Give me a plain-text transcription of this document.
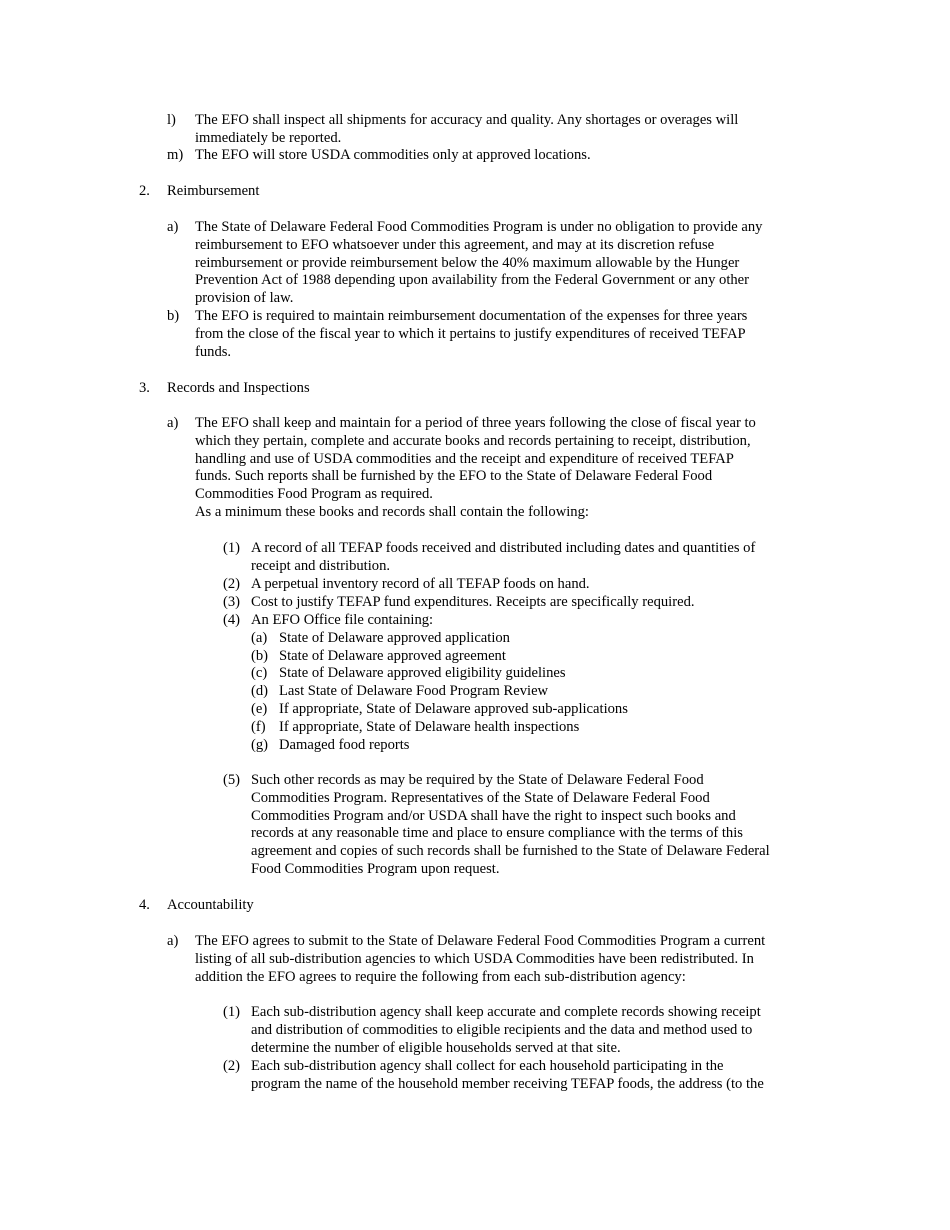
l) The EFO shall inspect all shipments for accuracy and quality. Any shortages or overages will
immediately be reported.
m) The EFO will store USDA commodities only at approved locations.
2. Reimbursement
a) The State of Delaware Federal Food Commodities Program is under no obligation to provide any
reimbursement to EFO whatsoever under this agreement, and may at its discretion refuse
reimbursement or provide reimbursement below the 40% maximum allowable by the Hunger
Prevention Act of 1988 depending upon availability from the Federal Government or any other
provision of law.
b) The EFO is required to maintain reimbursement documentation of the expenses for three years
from the close of the fiscal year to which it pertains to justify expenditures of received TEFAP
funds.
3. Records and Inspections
a) The EFO shall keep and maintain for a period of three years following the close of fiscal year to
which they pertain, complete and accurate books and records pertaining to receipt, distribution,
handling and use of USDA commodities and the receipt and expenditure of received TEFAP
funds. Such reports shall be furnished by the EFO to the State of Delaware Federal Food
Commodities Food Program as required.
As a minimum these books and records shall contain the following:
(1) A record of all TEFAP foods received and distributed including dates and quantities of
receipt and distribution.
(2) A perpetual inventory record of all TEFAP foods on hand.
(3) Cost to justify TEFAP fund expenditures. Receipts are specifically required.
(4) An EFO Office file containing:
(a) State of Delaware approved application
(b) State of Delaware approved agreement
(c) State of Delaware approved eligibility guidelines
(d) Last State of Delaware Food Program Review
(e) If appropriate, State of Delaware approved sub-applications
(f) If appropriate, State of Delaware health inspections
(g) Damaged food reports
(5) Such other records as may be required by the State of Delaware Federal Food
Commodities Program. Representatives of the State of Delaware Federal Food
Commodities Program and/or USDA shall have the right to inspect such books and
records at any reasonable time and place to ensure compliance with the terms of this
agreement and copies of such records shall be furnished to the State of Delaware Federal
Food Commodities Program upon request.
4. Accountability
a) The EFO agrees to submit to the State of Delaware Federal Food Commodities Program a current
listing of all sub-distribution agencies to which USDA Commodities have been redistributed. In
addition the EFO agrees to require the following from each sub-distribution agency:
(1) Each sub-distribution agency shall keep accurate and complete records showing receipt
and distribution of commodities to eligible recipients and the data and method used to
determine the number of eligible households served at that site.
(2) Each sub-distribution agency shall collect for each household participating in the
program the name of the household member receiving TEFAP foods, the address (to the
